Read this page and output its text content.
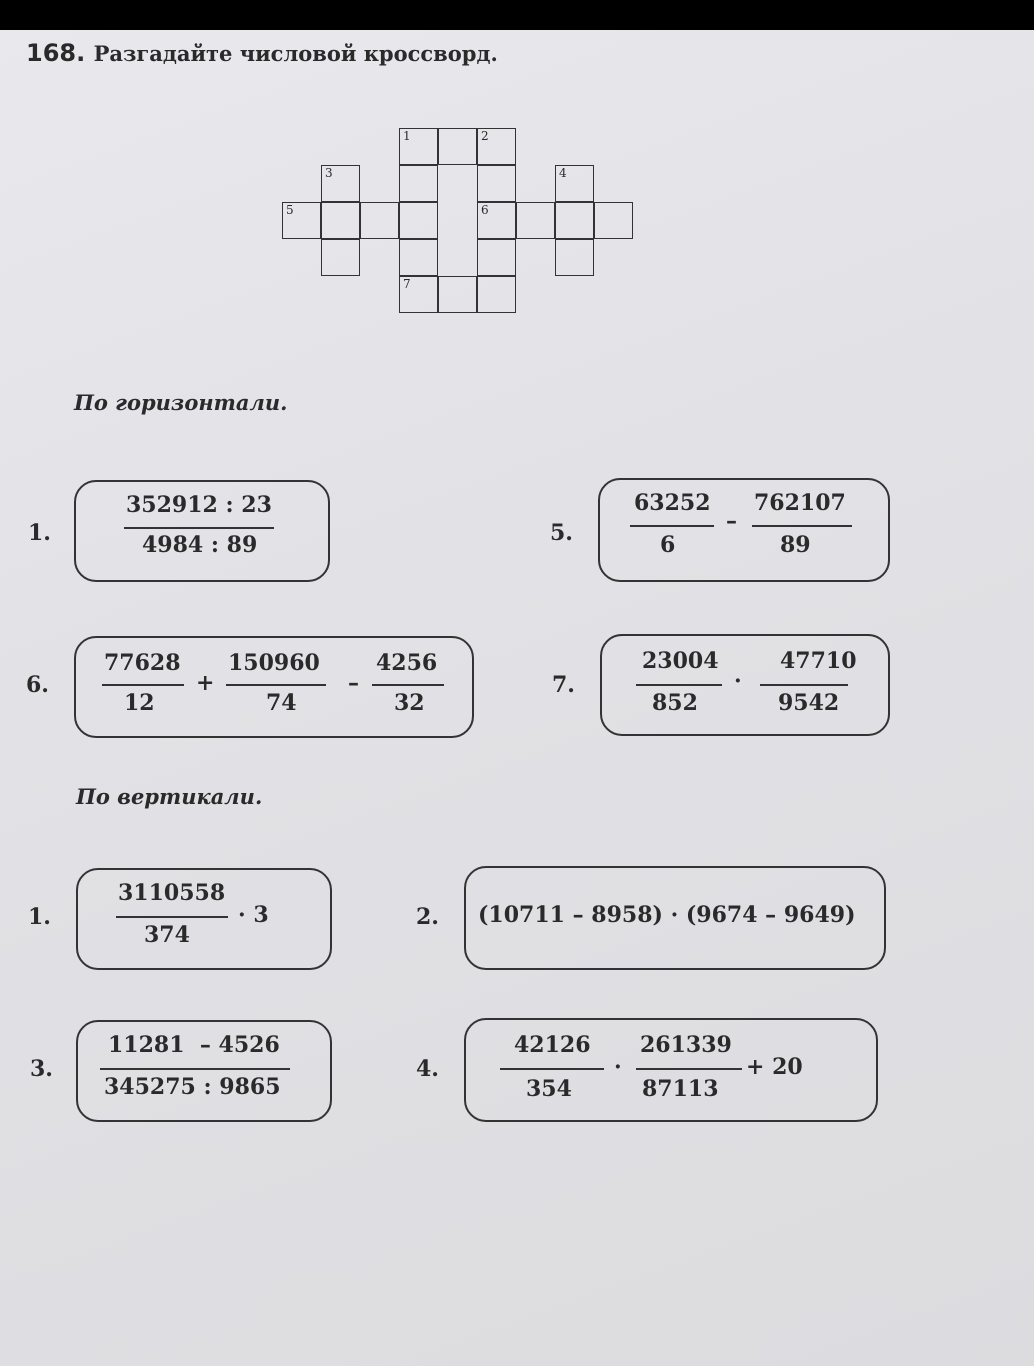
168. Разгадайте числовой кроссворд.
1	2
3	4
5	6
7
По горизонтали.
1.
352912 : 23
4984 : 89	5.
63252
6
–
762107
89
6.
77628
12
+
150960
74
–
4256
32
7.
23004
852
·
47710
9542
По вертикали.
1.
3110558
374
· 3	2. (10711 – 8958) · (9674 – 9649)
3.
11281  – 4526
345275 : 9865
4.
42126
354
·
261339
87113
+ 20
